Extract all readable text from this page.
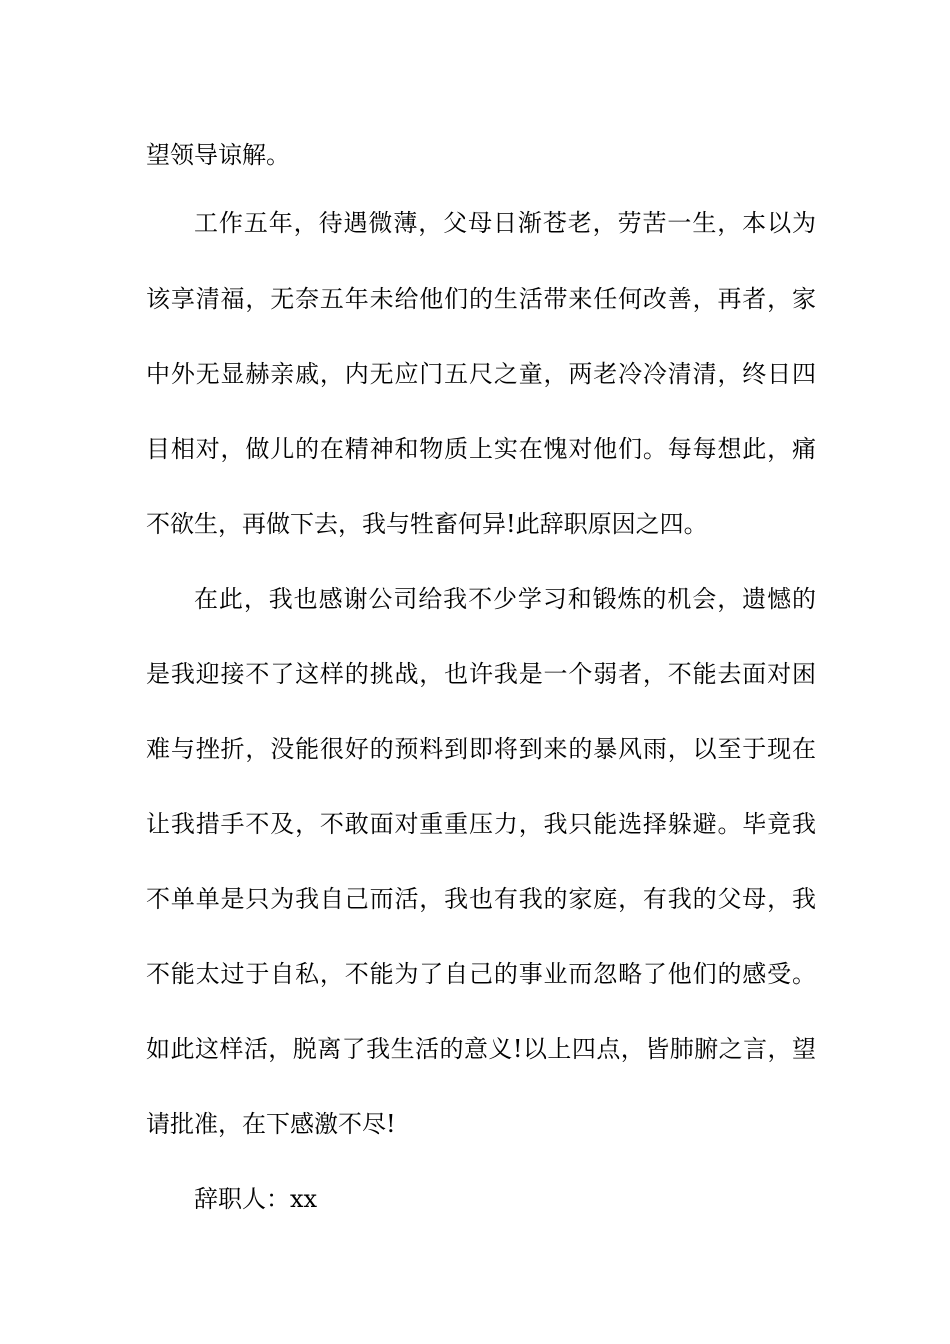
望领导谅解。
工作五年，待遇微薄，父母日渐苍老，劳苦一生，本以为
该享清福，无奈五年未给他们的生活带来任何改善，再者，家
中外无显赫亲戚，内无应门五尺之童，两老冷冷清清，终日四
目相对，做儿的在精神和物质上实在愧对他们。每每想此，痛
不欲生，再做下去，我与牲畜何异!此辞职原因之四。
在此，我也感谢公司给我不少学习和锻炼的机会，遗憾的
是我迎接不了这样的挑战，也许我是一个弱者，不能去面对困
难与挫折，没能很好的预料到即将到来的暴风雨，以至于现在
让我措手不及，不敢面对重重压力，我只能选择躲避。毕竟我
不单单是只为我自己而活，我也有我的家庭，有我的父母，我
不能太过于自私，不能为了自己的事业而忽略了他们的感受。
如此这样活，脱离了我生活的意义!以上四点，皆肺腑之言，望
请批准，在下感激不尽!
辞职人：xx
